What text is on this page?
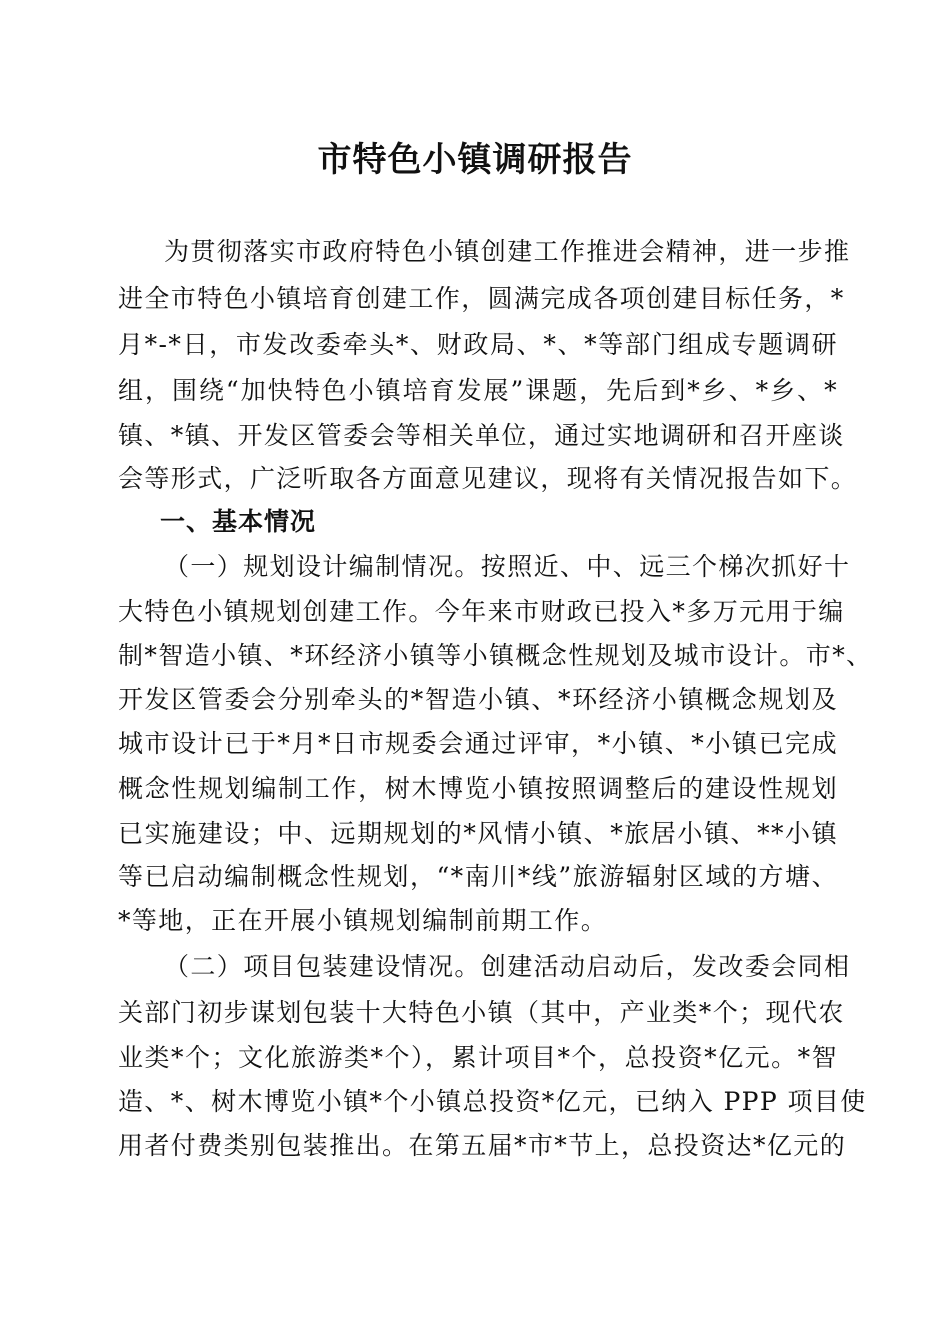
市特色小镇调研报告

为贯彻落实市政府特色小镇创建工作推进会精神，进一步推

进全市特色小镇培育创建工作，圆满完成各项创建目标任务，*

月*-*日，市发改委牵头*、财政局、*、*等部门组成专题调研

组，围绕“加快特色小镇培育发展”课题，先后到*乡、*乡、*

镇、*镇、开发区管委会等相关单位，通过实地调研和召开座谈

会等形式，广泛听取各方面意见建议，现将有关情况报告如下。

一、基本情况

（一）规划设计编制情况。按照近、中、远三个梯次抓好十

大特色小镇规划创建工作。今年来市财政已投入*多万元用于编

制*智造小镇、*环经济小镇等小镇概念性规划及城市设计。市*、

开发区管委会分别牵头的*智造小镇、*环经济小镇概念规划及

城市设计已于*月*日市规委会通过评审，*小镇、*小镇已完成

概念性规划编制工作，树木博览小镇按照调整后的建设性规划

已实施建设；中、远期规划的*风情小镇、*旅居小镇、**小镇

等已启动编制概念性规划，“*南川*线”旅游辐射区域的方塘、

*等地，正在开展小镇规划编制前期工作。

（二）项目包装建设情况。创建活动启动后，发改委会同相

关部门初步谋划包装十大特色小镇（其中，产业类*个；现代农

业类*个；文化旅游类*个），累计项目*个，总投资*亿元。*智

造、*、树木博览小镇*个小镇总投资*亿元，已纳入 PPP 项目使

用者付费类别包装推出。在第五届*市*节上，总投资达*亿元的
